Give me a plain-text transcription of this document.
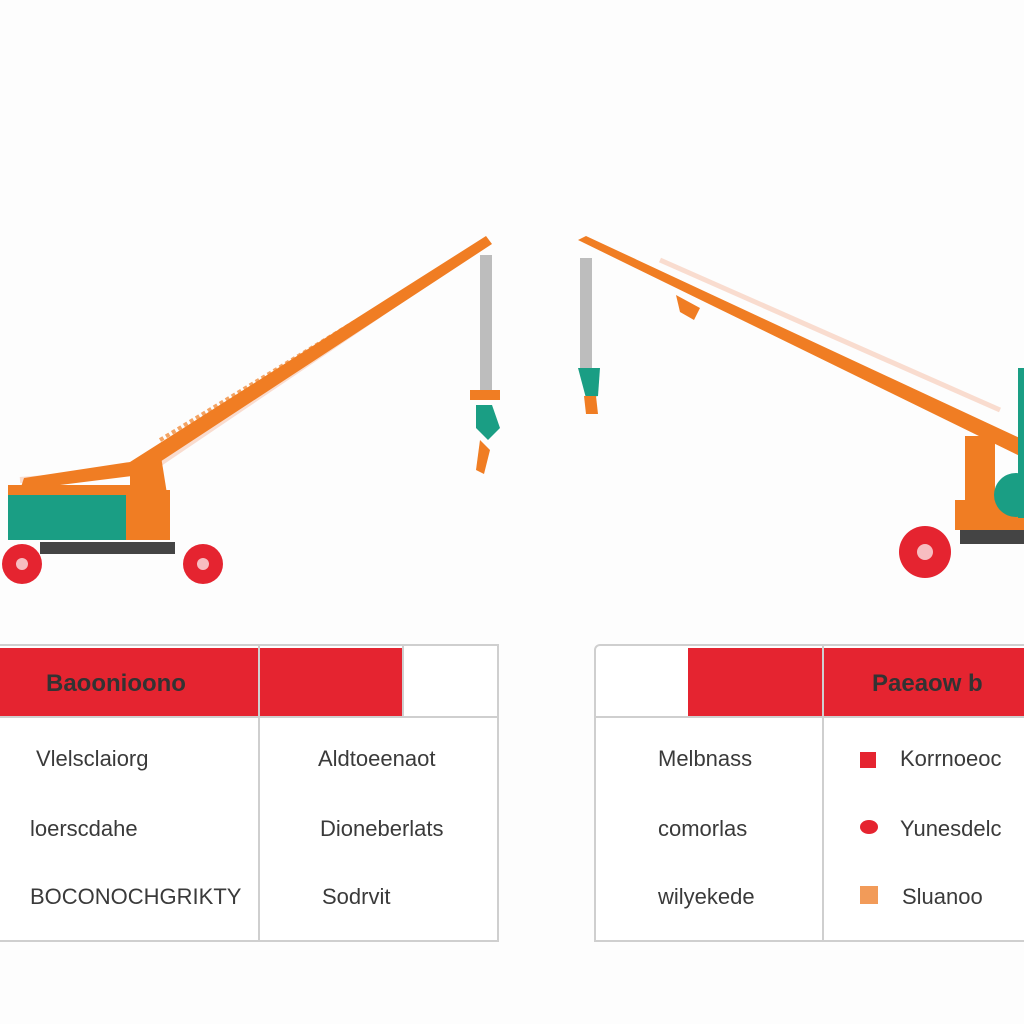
Baoonioono
Vlelsclaiorg
loerscdahe
BOCONOCHGRIKTY
Aldtoeenaot
Dioneberlats
Sodrvit
Paeaow b
Melbnass
comorlas
wilyekede
Korrnoeoc
Yunesdelc
Sluanoo
